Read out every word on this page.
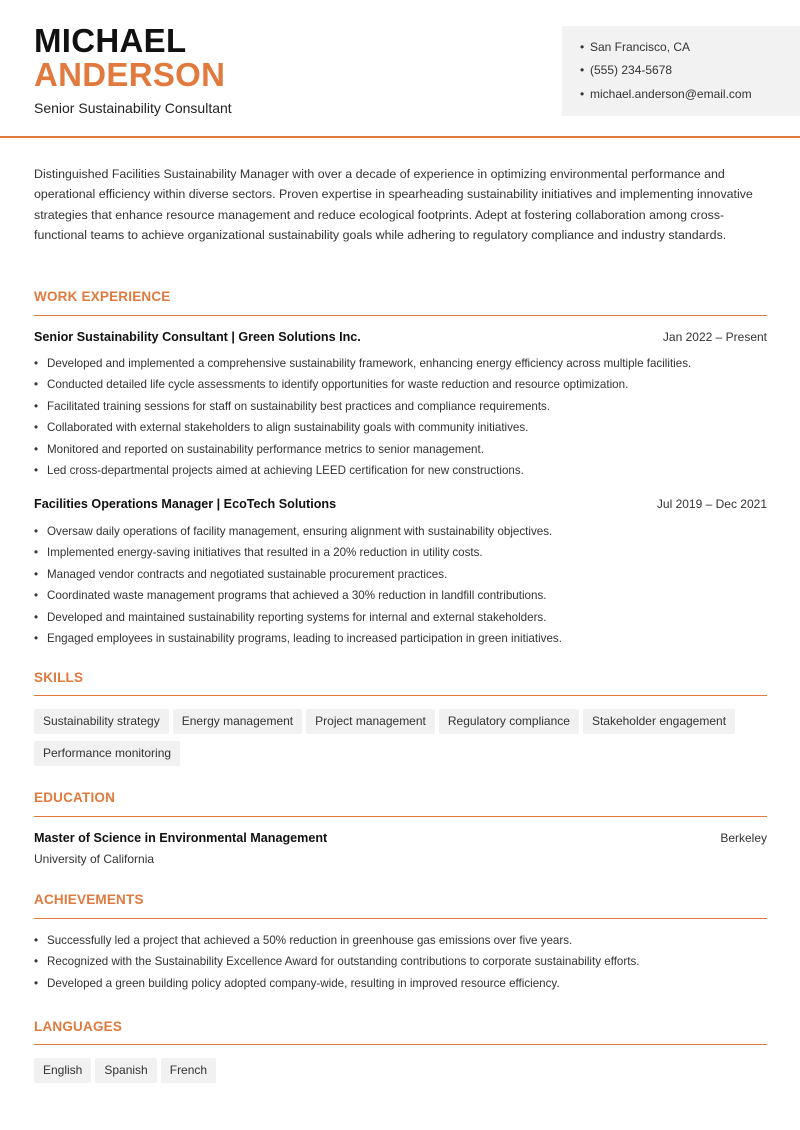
MICHAEL
ANDERSON
Senior Sustainability Consultant
• San Francisco, CA
• (555) 234-5678
• michael.anderson@email.com

Distinguished Facilities Sustainability Manager with over a decade of experience in optimizing environmental performance and operational efficiency within diverse sectors. Proven expertise in spearheading sustainability initiatives and implementing innovative strategies that enhance resource management and reduce ecological footprints. Adept at fostering collaboration among cross-functional teams to achieve organizational sustainability goals while adhering to regulatory compliance and industry standards.

WORK EXPERIENCE
Senior Sustainability Consultant | Green Solutions Inc.	Jan 2022 – Present
• Developed and implemented a comprehensive sustainability framework, enhancing energy efficiency across multiple facilities.
• Conducted detailed life cycle assessments to identify opportunities for waste reduction and resource optimization.
• Facilitated training sessions for staff on sustainability best practices and compliance requirements.
• Collaborated with external stakeholders to align sustainability goals with community initiatives.
• Monitored and reported on sustainability performance metrics to senior management.
• Led cross-departmental projects aimed at achieving LEED certification for new constructions.
Facilities Operations Manager | EcoTech Solutions	Jul 2019 – Dec 2021
• Oversaw daily operations of facility management, ensuring alignment with sustainability objectives.
• Implemented energy-saving initiatives that resulted in a 20% reduction in utility costs.
• Managed vendor contracts and negotiated sustainable procurement practices.
• Coordinated waste management programs that achieved a 30% reduction in landfill contributions.
• Developed and maintained sustainability reporting systems for internal and external stakeholders.
• Engaged employees in sustainability programs, leading to increased participation in green initiatives.
SKILLS
Sustainability strategy Energy management Project management Regulatory compliance Stakeholder engagementPerformance monitoring
EDUCATION
Master of Science in Environmental Management	Berkeley
University of California
ACHIEVEMENTS
• Successfully led a project that achieved a 50% reduction in greenhouse gas emissions over five years.
• Recognized with the Sustainability Excellence Award for outstanding contributions to corporate sustainability efforts.
• Developed a green building policy adopted company-wide, resulting in improved resource efficiency.
LANGUAGES
English Spanish French
